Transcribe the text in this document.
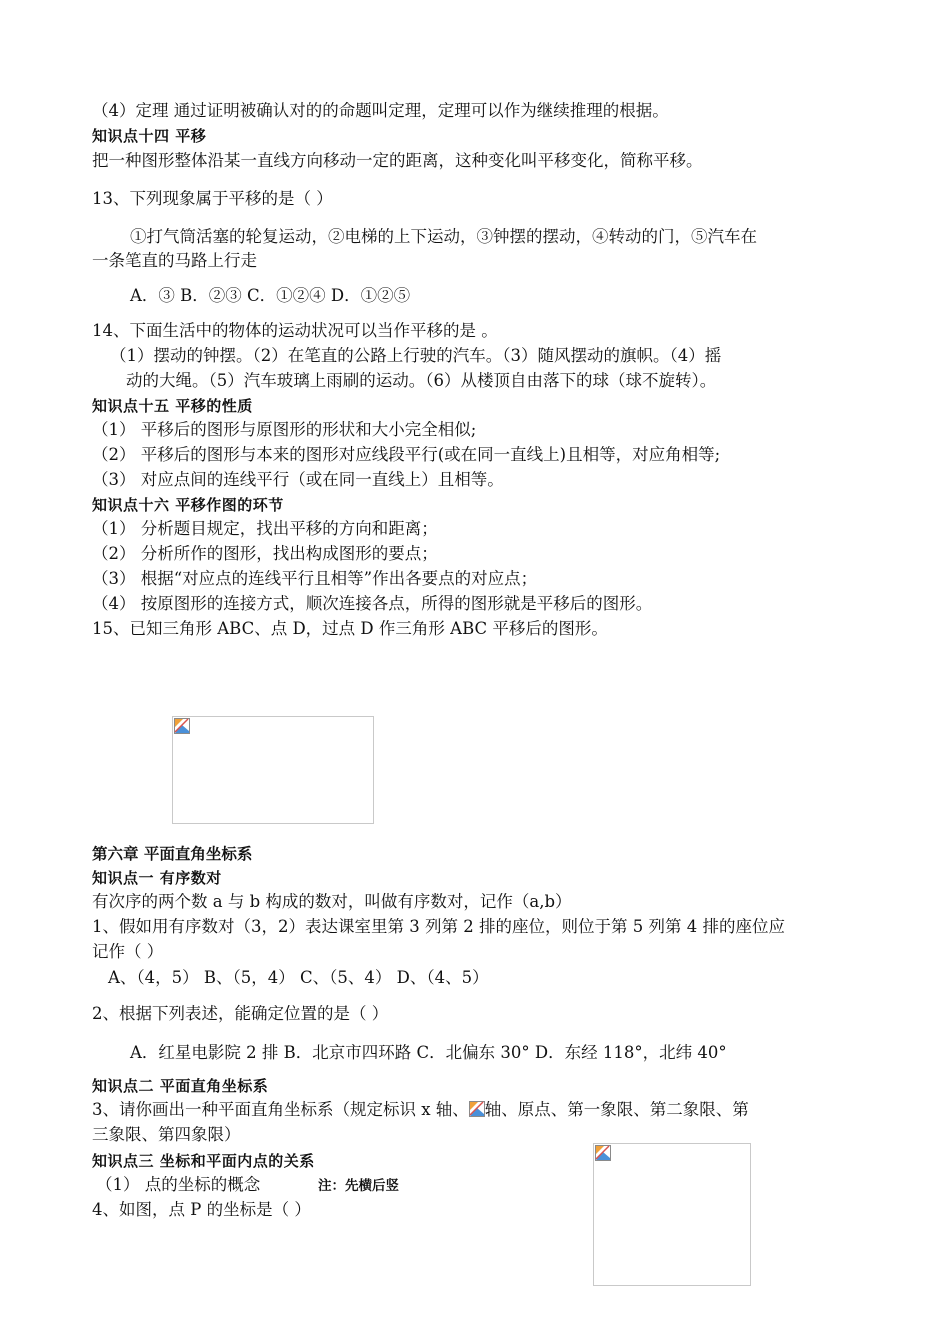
（4）定理 通过证明被确认对的的命题叫定理，定理可以作为继续推理的根据。
知识点十四 平移
把一种图形整体沿某一直线方向移动一定的距离，这种变化叫平移变化，简称平移。
13、下列现象属于平移的是（ ）
①打气筒活塞的轮复运动，②电梯的上下运动，③钟摆的摆动，④转动的门，⑤汽车在
一条笔直的马路上行走
A．③ B．②③ C．①②④ D．①②⑤
14、下面生活中的物体的运动状况可以当作平移的是 。
（1）摆动的钟摆。（2）在笔直的公路上行驶的汽车。（3）随风摆动的旗帜。（4）摇
动的大绳。（5）汽车玻璃上雨刷的运动。（6）从楼顶自由落下的球（球不旋转）。
知识点十五 平移的性质
（1） 平移后的图形与原图形的形状和大小完全相似;
（2） 平移后的图形与本来的图形对应线段平行(或在同一直线上)且相等，对应角相等;
（3） 对应点间的连线平行（或在同一直线上）且相等。
知识点十六 平移作图的环节
（1） 分析题目规定，找出平移的方向和距离；
（2） 分析所作的图形，找出构成图形的要点；
（3） 根据“对应点的连线平行且相等”作出各要点的对应点；
（4） 按原图形的连接方式，顺次连接各点，所得的图形就是平移后的图形。
15、已知三角形 ABC、点 D，过点 D 作三角形 ABC 平移后的图形。
第六章 平面直角坐标系
知识点一 有序数对
有次序的两个数 a 与 b 构成的数对，叫做有序数对，记作（a,b）
1、假如用有序数对（3，2）表达课室里第 3 列第 2 排的座位，则位于第 5 列第 4 排的座位应
记作（ ）
A、（4，5） B、（5，4） C、（5、4） D、（4、5）
2、根据下列表述，能确定位置的是（ ）
A．红星电影院 2 排 B．北京市四环路 C．北偏东 30° D．东经 118°，北纬 40°
知识点二 平面直角坐标系
3、请你画出一种平面直角坐标系（规定标识 x 轴、 轴、原点、第一象限、第二象限、第
三象限、第四象限）
知识点三 坐标和平面内点的关系
（1） 点的坐标的概念	注：先横后竖
4、如图，点 P 的坐标是（ ）
